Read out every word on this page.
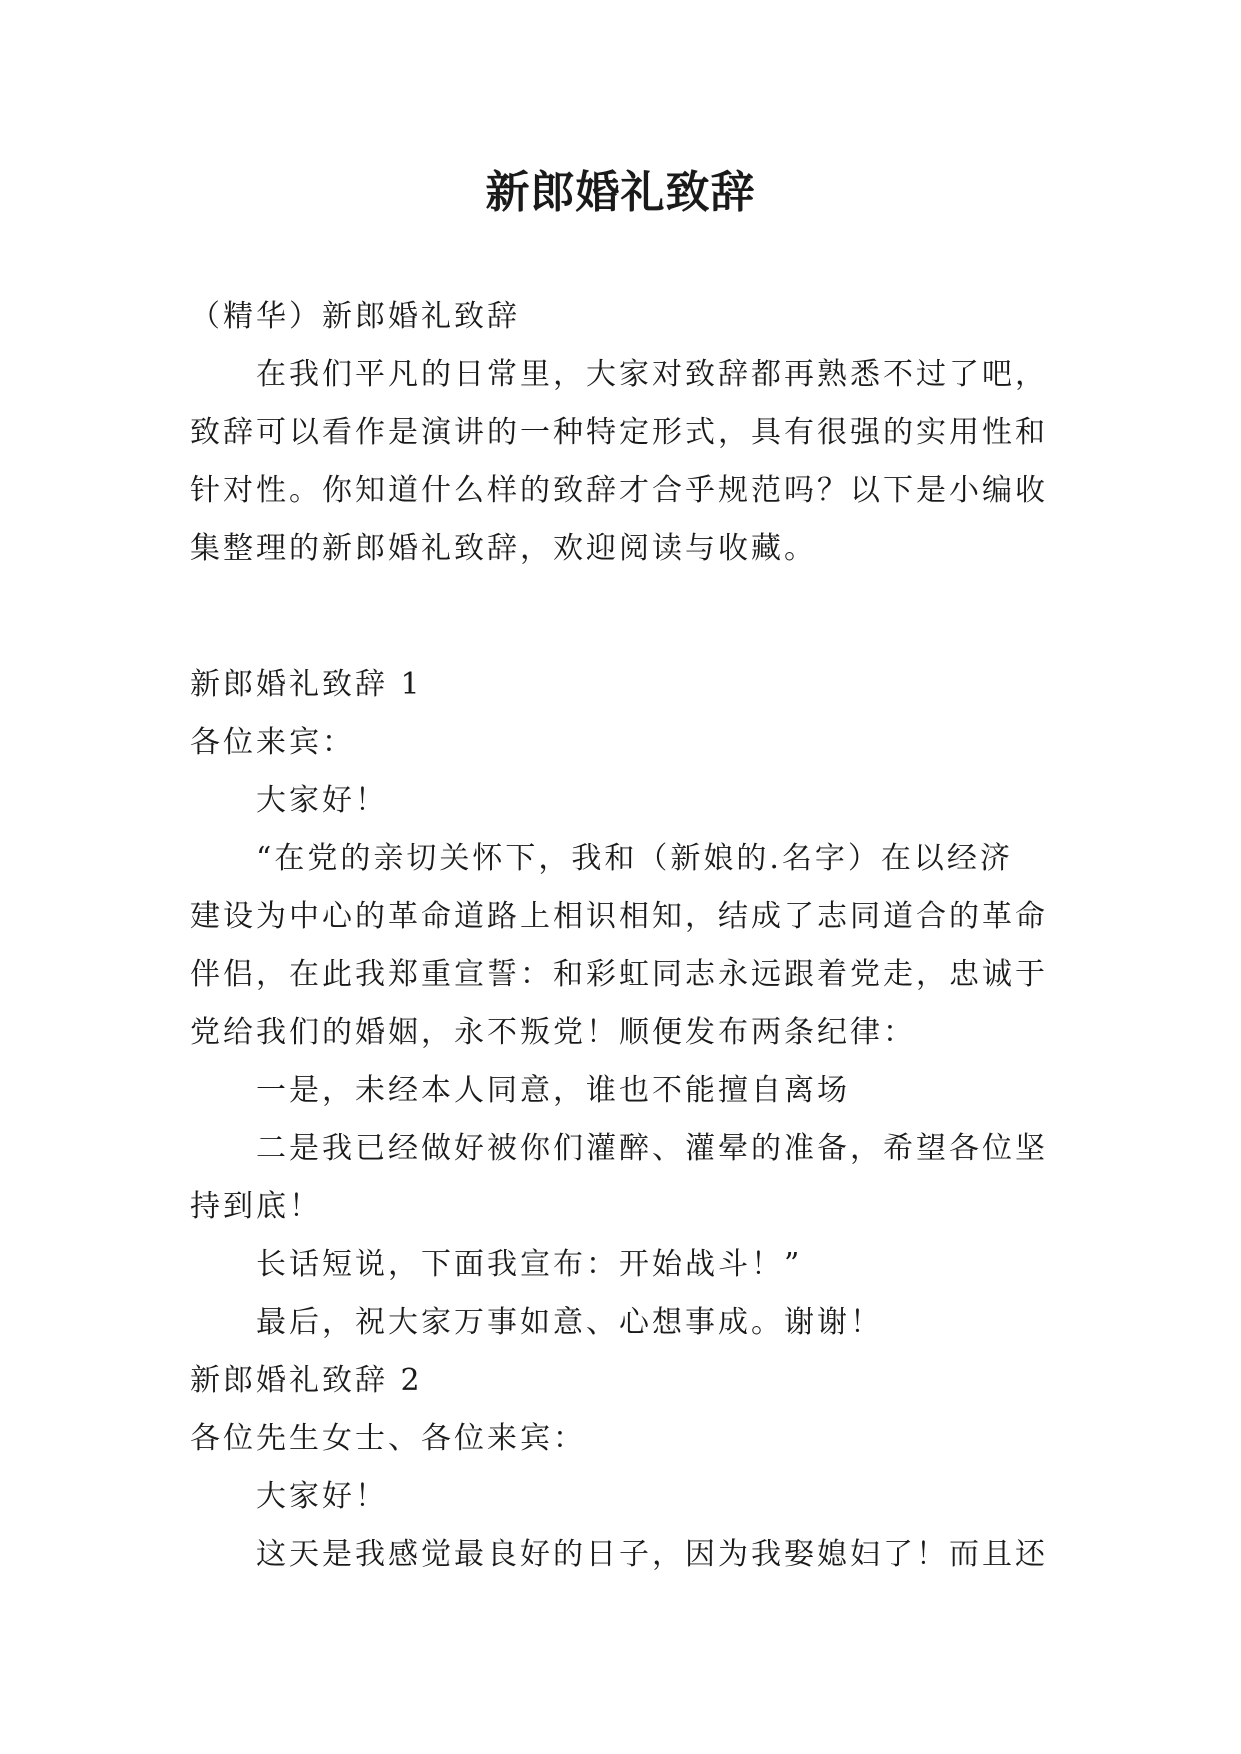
新郎婚礼致辞
（精华）新郎婚礼致辞
在我们平凡的日常里，大家对致辞都再熟悉不过了吧，
致辞可以看作是演讲的一种特定形式，具有很强的实用性和
针对性。你知道什么样的致辞才合乎规范吗？以下是小编收
集整理的新郎婚礼致辞，欢迎阅读与收藏。
新郎婚礼致辞 1
各位来宾：
大家好！
“在党的亲切关怀下，我和（新娘的.名字）在以经济
建设为中心的革命道路上相识相知，结成了志同道合的革命
伴侣，在此我郑重宣誓：和彩虹同志永远跟着党走，忠诚于
党给我们的婚姻，永不叛党！顺便发布两条纪律：
一是，未经本人同意，谁也不能擅自离场
二是我已经做好被你们灌醉、灌晕的准备，希望各位坚
持到底！
长话短说，下面我宣布：开始战斗！”
最后，祝大家万事如意、心想事成。谢谢！
新郎婚礼致辞 2
各位先生女士、各位来宾：
大家好！
这天是我感觉最良好的日子，因为我娶媳妇了！而且还
